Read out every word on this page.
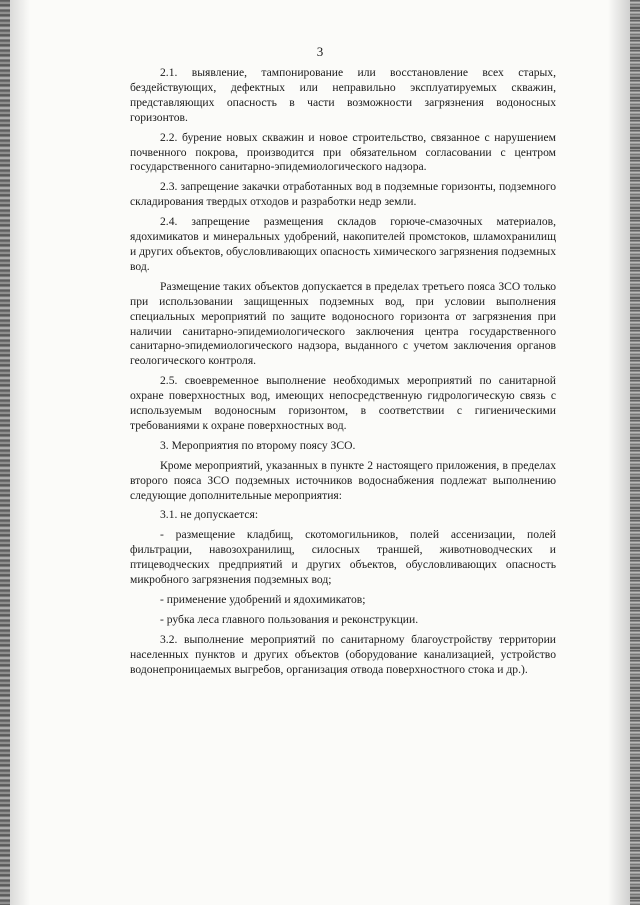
3

2.1. выявление, тампонирование или восстановление всех старых, бездействующих, дефектных или неправильно эксплуатируемых скважин, представляющих опасность в части возможности загрязнения водоносных горизонтов.

2.2. бурение новых скважин и новое строительство, связанное с нарушением почвенного покрова, производится при обязательном согласовании с центром государственного санитарно-эпидемиологического надзора.

2.3. запрещение закачки отработанных вод в подземные горизонты, подземного складирования твердых отходов и разработки недр земли.

2.4. запрещение размещения складов горюче-смазочных материалов, ядохимикатов и минеральных удобрений, накопителей промстоков, шламохранилищ и других объектов, обусловливающих опасность химического загрязнения подземных вод.

Размещение таких объектов допускается в пределах третьего пояса ЗСО только при использовании защищенных подземных вод, при условии выполнения специальных мероприятий по защите водоносного горизонта от загрязнения при наличии санитарно-эпидемиологического заключения центра государственного санитарно-эпидемиологического надзора, выданного с учетом заключения органов геологического контроля.

2.5. своевременное выполнение необходимых мероприятий по санитарной охране поверхностных вод, имеющих непосредственную гидрологическую связь с используемым водоносным горизонтом, в соответствии с гигиеническими требованиями к охране поверхностных вод.

3. Мероприятия по второму поясу ЗСО.

Кроме мероприятий, указанных в пункте 2 настоящего приложения, в пределах второго пояса ЗСО подземных источников водоснабжения подлежат выполнению следующие дополнительные мероприятия:

3.1. не допускается:

- размещение кладбищ, скотомогильников, полей ассенизации, полей фильтрации, навозохранилищ, силосных траншей, животноводческих и птицеводческих предприятий и других объектов, обусловливающих опасность микробного загрязнения подземных вод;

- применение удобрений и ядохимикатов;

- рубка леса главного пользования и реконструкции.

3.2. выполнение мероприятий по санитарному благоустройству территории населенных пунктов и других объектов (оборудование канализацией, устройство водонепроницаемых выгребов, организация отвода поверхностного стока и др.).
